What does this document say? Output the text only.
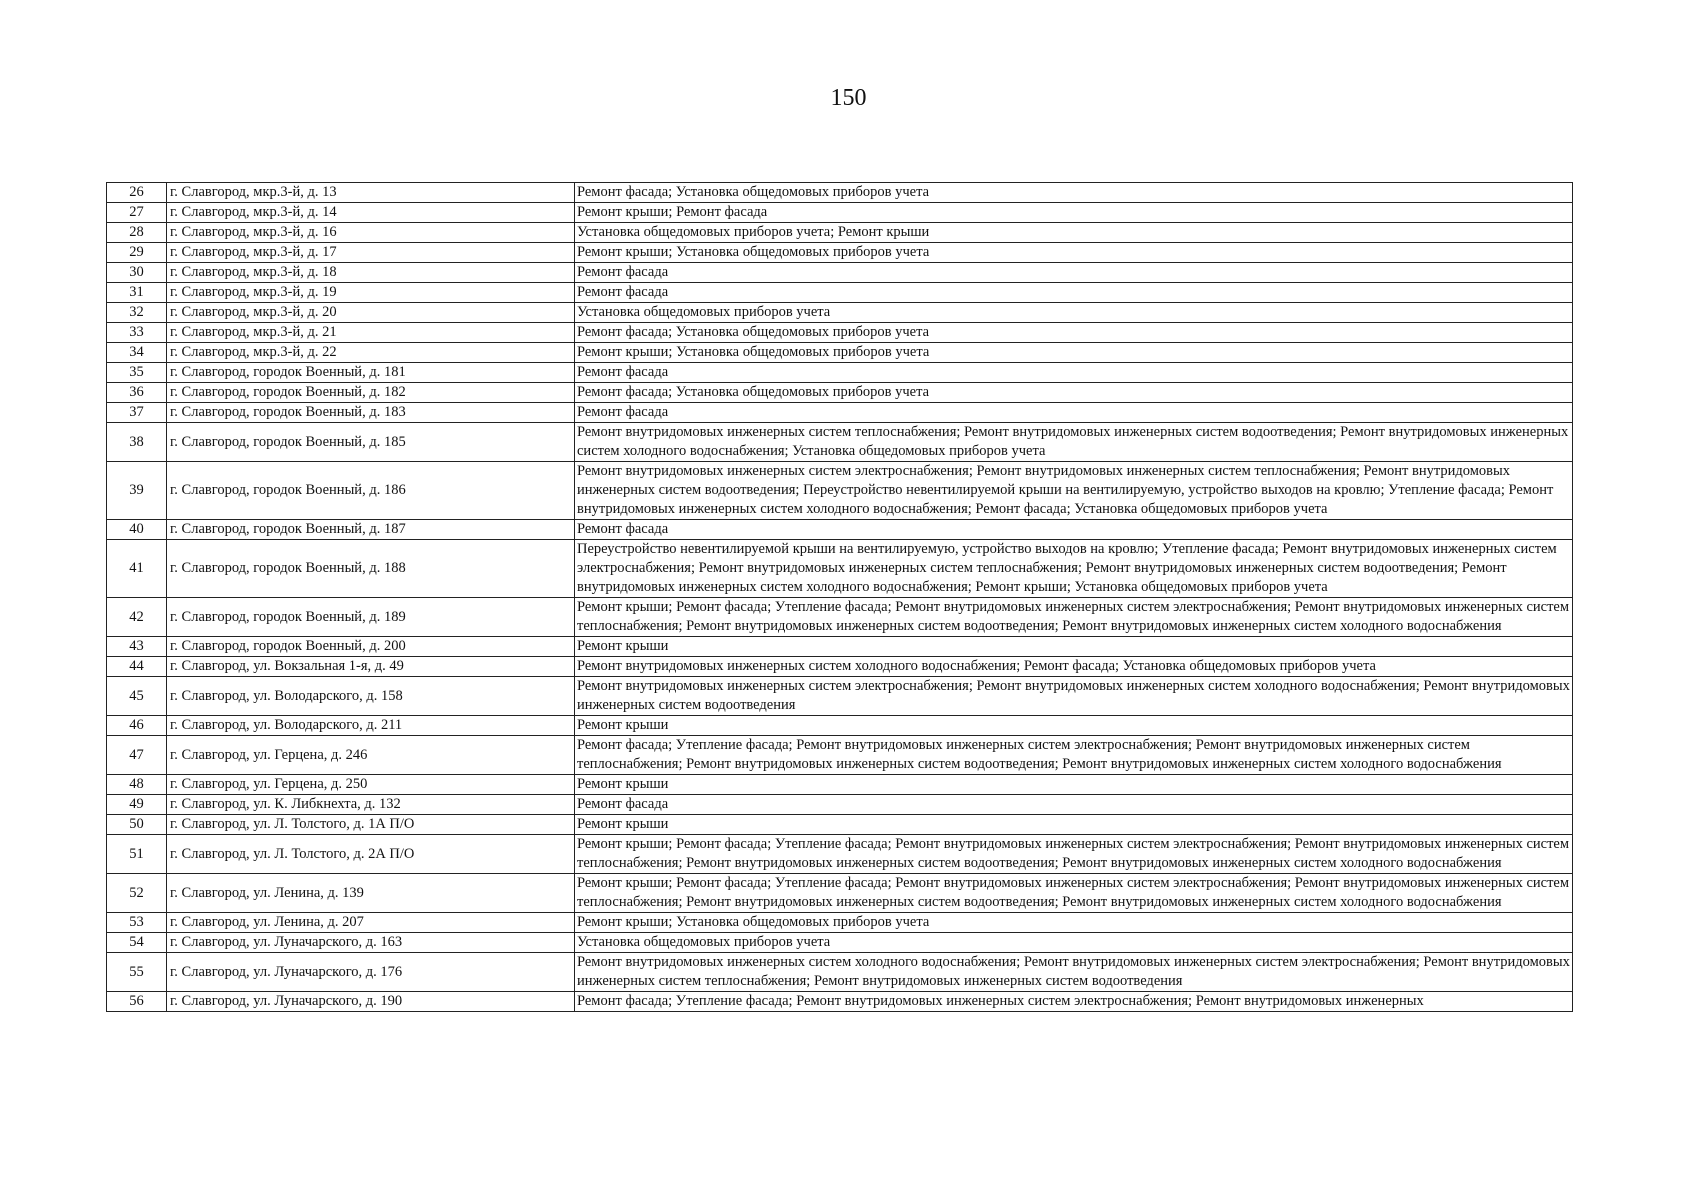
150
26	г. Славгород, мкр.3-й, д. 13	Ремонт фасада; Установка общедомовых приборов учета
27	г. Славгород, мкр.3-й, д. 14	Ремонт крыши; Ремонт фасада
28	г. Славгород, мкр.3-й, д. 16	Установка общедомовых приборов учета; Ремонт крыши
29	г. Славгород, мкр.3-й, д. 17	Ремонт крыши; Установка общедомовых приборов учета
30	г. Славгород, мкр.3-й, д. 18	Ремонт фасада
31	г. Славгород, мкр.3-й, д. 19	Ремонт фасада
32	г. Славгород, мкр.3-й, д. 20	Установка общедомовых приборов учета
33	г. Славгород, мкр.3-й, д. 21	Ремонт фасада; Установка общедомовых приборов учета
34	г. Славгород, мкр.3-й, д. 22	Ремонт крыши; Установка общедомовых приборов учета
35	г. Славгород, городок Военный, д. 181	Ремонт фасада
36	г. Славгород, городок Военный, д. 182	Ремонт фасада; Установка общедомовых приборов учета
37	г. Славгород, городок Военный, д. 183	Ремонт фасада
38	г. Славгород, городок Военный, д. 185	Ремонт внутридомовых инженерных систем теплоснабжения; Ремонт внутридомовых инженерных систем водоотведения; Ремонт внутридомовых инженерных систем холодного водоснабжения; Установка общедомовых приборов учета
39	г. Славгород, городок Военный, д. 186	Ремонт внутридомовых инженерных систем электроснабжения; Ремонт внутридомовых инженерных систем теплоснабжения; Ремонт внутридомовых инженерных систем водоотведения; Переустройство невентилируемой крыши на вентилируемую, устройство выходов на кровлю; Утепление фасада; Ремонт внутридомовых инженерных систем холодного водоснабжения; Ремонт фасада; Установка общедомовых приборов учета
40	г. Славгород, городок Военный, д. 187	Ремонт фасада
41	г. Славгород, городок Военный, д. 188	Переустройство невентилируемой крыши на вентилируемую, устройство выходов на кровлю; Утепление фасада; Ремонт внутридомовых инженерных систем электроснабжения; Ремонт внутридомовых инженерных систем теплоснабжения; Ремонт внутридомовых инженерных систем водоотведения; Ремонт внутридомовых инженерных систем холодного водоснабжения; Ремонт крыши; Установка общедомовых приборов учета
42	г. Славгород, городок Военный, д. 189	Ремонт крыши; Ремонт фасада; Утепление фасада; Ремонт внутридомовых инженерных систем электроснабжения; Ремонт внутридомовых инженерных систем теплоснабжения; Ремонт внутридомовых инженерных систем водоотведения; Ремонт внутридомовых инженерных систем холодного водоснабжения
43	г. Славгород, городок Военный, д. 200	Ремонт крыши
44	г. Славгород, ул. Вокзальная 1-я, д. 49	Ремонт внутридомовых инженерных систем холодного водоснабжения; Ремонт фасада; Установка общедомовых приборов учета
45	г. Славгород, ул. Володарского, д. 158	Ремонт внутридомовых инженерных систем электроснабжения; Ремонт внутридомовых инженерных систем холодного водоснабжения; Ремонт внутридомовых инженерных систем водоотведения
46	г. Славгород, ул. Володарского, д. 211	Ремонт крыши
47	г. Славгород, ул. Герцена, д. 246	Ремонт фасада; Утепление фасада; Ремонт внутридомовых инженерных систем электроснабжения; Ремонт внутридомовых инженерных систем теплоснабжения; Ремонт внутридомовых инженерных систем водоотведения; Ремонт внутридомовых инженерных систем холодного водоснабжения
48	г. Славгород, ул. Герцена, д. 250	Ремонт крыши
49	г. Славгород, ул. К. Либкнехта, д. 132	Ремонт фасада
50	г. Славгород, ул. Л. Толстого, д. 1А П/О	Ремонт крыши
51	г. Славгород, ул. Л. Толстого, д. 2А П/О	Ремонт крыши; Ремонт фасада; Утепление фасада; Ремонт внутридомовых инженерных систем электроснабжения; Ремонт внутридомовых инженерных систем теплоснабжения; Ремонт внутридомовых инженерных систем водоотведения; Ремонт внутридомовых инженерных систем холодного водоснабжения
52	г. Славгород, ул. Ленина, д. 139	Ремонт крыши; Ремонт фасада; Утепление фасада; Ремонт внутридомовых инженерных систем электроснабжения; Ремонт внутридомовых инженерных систем теплоснабжения; Ремонт внутридомовых инженерных систем водоотведения; Ремонт внутридомовых инженерных систем холодного водоснабжения
53	г. Славгород, ул. Ленина, д. 207	Ремонт крыши; Установка общедомовых приборов учета
54	г. Славгород, ул. Луначарского, д. 163	Установка общедомовых приборов учета
55	г. Славгород, ул. Луначарского, д. 176	Ремонт внутридомовых инженерных систем холодного водоснабжения; Ремонт внутридомовых инженерных систем электроснабжения; Ремонт внутридомовых инженерных систем теплоснабжения; Ремонт внутридомовых инженерных систем водоотведения
56	г. Славгород, ул. Луначарского, д. 190	Ремонт фасада; Утепление фасада; Ремонт внутридомовых инженерных систем электроснабжения; Ремонт внутридомовых инженерных
